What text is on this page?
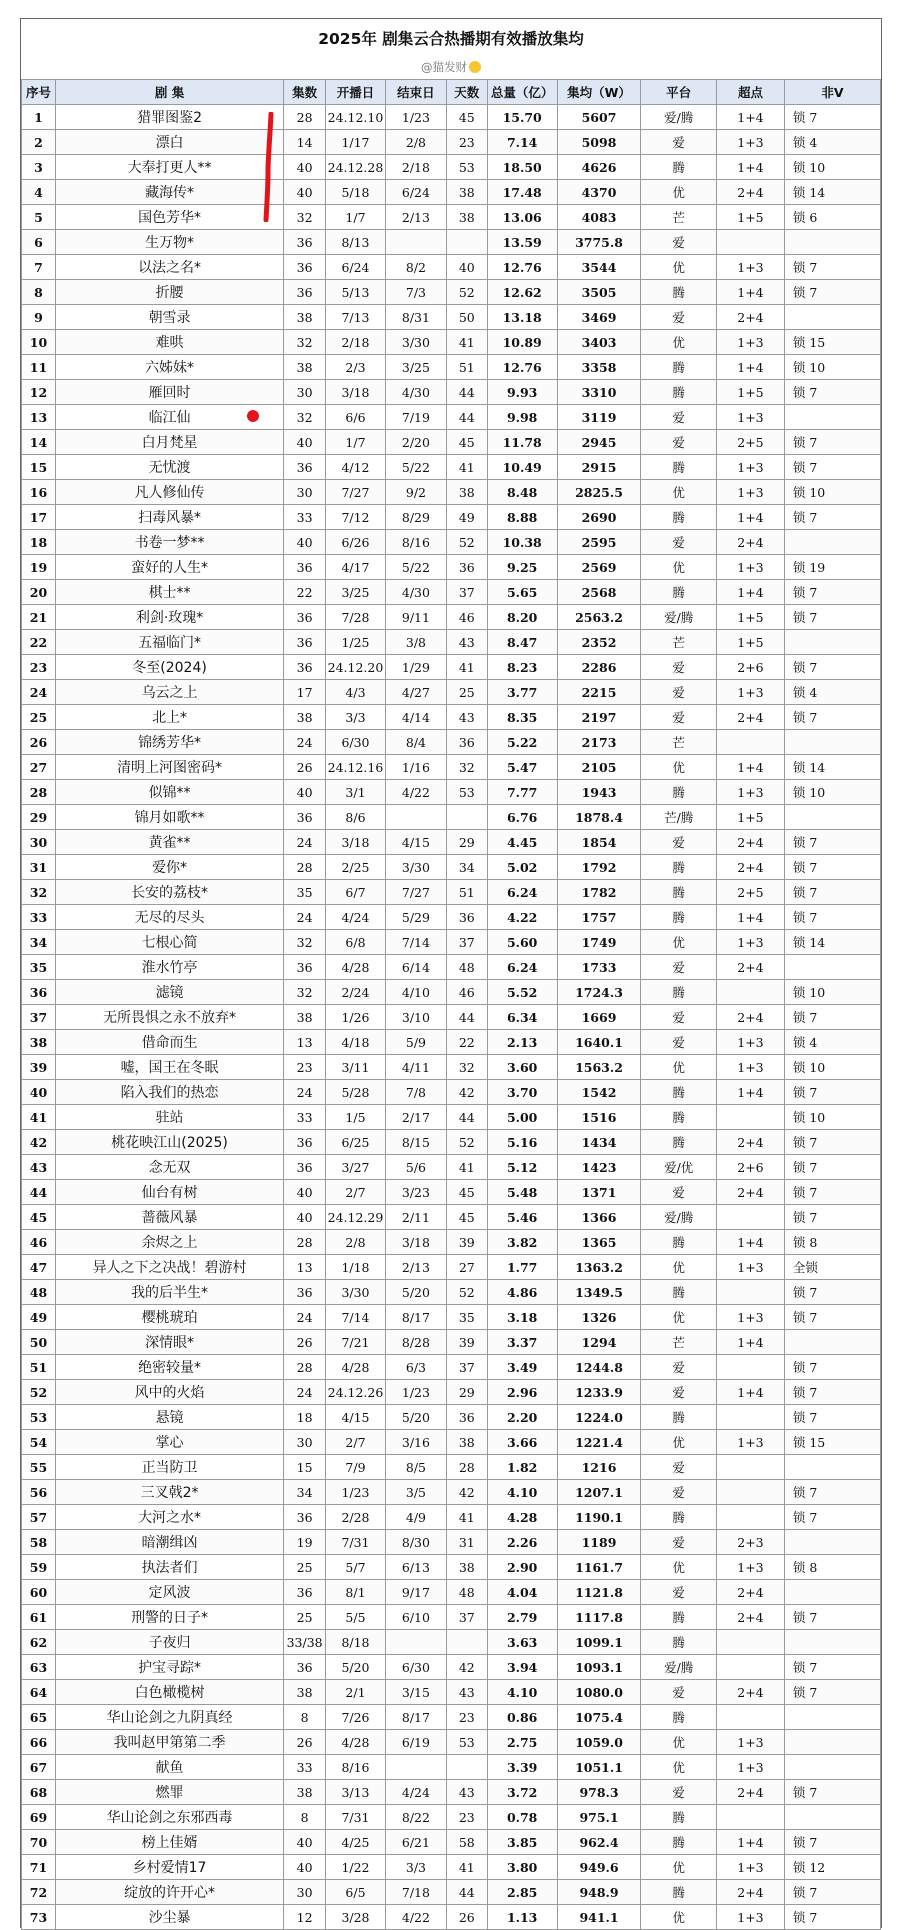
2025年 剧集云合热播期有效播放集均
@猫发财
序号	剧 集	集数	开播日	结束日	天数	总量（亿）	集均（W）	平台	超点	非V
1	猎罪图鉴2	28	24.12.10	1/23	45	15.70	5607	爱/腾	1+4	锁 7
2	漂白	14	1/17	2/8	23	7.14	5098	爱	1+3	锁 4
3	大奉打更人**	40	24.12.28	2/18	53	18.50	4626	腾	1+4	锁 10
4	藏海传*	40	5/18	6/24	38	17.48	4370	优	2+4	锁 14
5	国色芳华*	32	1/7	2/13	38	13.06	4083	芒	1+5	锁 6
6	生万物*	36	8/13			13.59	3775.8	爱		
7	以法之名*	36	6/24	8/2	40	12.76	3544	优	1+3	锁 7
8	折腰	36	5/13	7/3	52	12.62	3505	腾	1+4	锁 7
9	朝雪录	38	7/13	8/31	50	13.18	3469	爱	2+4	
10	难哄	32	2/18	3/30	41	10.89	3403	优	1+3	锁 15
11	六姊妹*	38	2/3	3/25	51	12.76	3358	腾	1+4	锁 10
12	雁回时	30	3/18	4/30	44	9.93	3310	腾	1+5	锁 7
13	临江仙	32	6/6	7/19	44	9.98	3119	爱	1+3	
14	白月梵星	40	1/7	2/20	45	11.78	2945	爱	2+5	锁 7
15	无忧渡	36	4/12	5/22	41	10.49	2915	腾	1+3	锁 7
16	凡人修仙传	30	7/27	9/2	38	8.48	2825.5	优	1+3	锁 10
17	扫毒风暴*	33	7/12	8/29	49	8.88	2690	腾	1+4	锁 7
18	书卷一梦**	40	6/26	8/16	52	10.38	2595	爱	2+4	
19	蛮好的人生*	36	4/17	5/22	36	9.25	2569	优	1+3	锁 19
20	棋士**	22	3/25	4/30	37	5.65	2568	腾	1+4	锁 7
21	利剑·玫瑰*	36	7/28	9/11	46	8.20	2563.2	爱/腾	1+5	锁 7
22	五福临门*	36	1/25	3/8	43	8.47	2352	芒	1+5	
23	冬至(2024)	36	24.12.20	1/29	41	8.23	2286	爱	2+6	锁 7
24	乌云之上	17	4/3	4/27	25	3.77	2215	爱	1+3	锁 4
25	北上*	38	3/3	4/14	43	8.35	2197	爱	2+4	锁 7
26	锦绣芳华*	24	6/30	8/4	36	5.22	2173	芒		
27	清明上河图密码*	26	24.12.16	1/16	32	5.47	2105	优	1+4	锁 14
28	似锦**	40	3/1	4/22	53	7.77	1943	腾	1+3	锁 10
29	锦月如歌**	36	8/6			6.76	1878.4	芒/腾	1+5	
30	黄雀**	24	3/18	4/15	29	4.45	1854	爱	2+4	锁 7
31	爱你*	28	2/25	3/30	34	5.02	1792	腾	2+4	锁 7
32	长安的荔枝*	35	6/7	7/27	51	6.24	1782	腾	2+5	锁 7
33	无尽的尽头	24	4/24	5/29	36	4.22	1757	腾	1+4	锁 7
34	七根心简	32	6/8	7/14	37	5.60	1749	优	1+3	锁 14
35	淮水竹亭	36	4/28	6/14	48	6.24	1733	爱	2+4	
36	滤镜	32	2/24	4/10	46	5.52	1724.3	腾		锁 10
37	无所畏惧之永不放弃*	38	1/26	3/10	44	6.34	1669	爱	2+4	锁 7
38	借命而生	13	4/18	5/9	22	2.13	1640.1	爱	1+3	锁 4
39	嘘，国王在冬眠	23	3/11	4/11	32	3.60	1563.2	优	1+3	锁 10
40	陷入我们的热恋	24	5/28	7/8	42	3.70	1542	腾	1+4	锁 7
41	驻站	33	1/5	2/17	44	5.00	1516	腾		锁 10
42	桃花映江山(2025)	36	6/25	8/15	52	5.16	1434	腾	2+4	锁 7
43	念无双	36	3/27	5/6	41	5.12	1423	爱/优	2+6	锁 7
44	仙台有树	40	2/7	3/23	45	5.48	1371	爱	2+4	锁 7
45	蔷薇风暴	40	24.12.29	2/11	45	5.46	1366	爱/腾		锁 7
46	余烬之上	28	2/8	3/18	39	3.82	1365	腾	1+4	锁 8
47	异人之下之决战！碧游村	13	1/18	2/13	27	1.77	1363.2	优	1+3	全锁
48	我的后半生*	36	3/30	5/20	52	4.86	1349.5	腾		锁 7
49	樱桃琥珀	24	7/14	8/17	35	3.18	1326	优	1+3	锁 7
50	深情眼*	26	7/21	8/28	39	3.37	1294	芒	1+4	
51	绝密较量*	28	4/28	6/3	37	3.49	1244.8	爱		锁 7
52	风中的火焰	24	24.12.26	1/23	29	2.96	1233.9	爱	1+4	锁 7
53	悬镜	18	4/15	5/20	36	2.20	1224.0	腾		锁 7
54	掌心	30	2/7	3/16	38	3.66	1221.4	优	1+3	锁 15
55	正当防卫	15	7/9	8/5	28	1.82	1216	爱		
56	三叉戟2*	34	1/23	3/5	42	4.10	1207.1	爱		锁 7
57	大河之水*	36	2/28	4/9	41	4.28	1190.1	腾		锁 7
58	暗潮缉凶	19	7/31	8/30	31	2.26	1189	爱	2+3	
59	执法者们	25	5/7	6/13	38	2.90	1161.7	优	1+3	锁 8
60	定风波	36	8/1	9/17	48	4.04	1121.8	爱	2+4	
61	刑警的日子*	25	5/5	6/10	37	2.79	1117.8	腾	2+4	锁 7
62	子夜归	33/38	8/18			3.63	1099.1	腾		
63	护宝寻踪*	36	5/20	6/30	42	3.94	1093.1	爱/腾		锁 7
64	白色橄榄树	38	2/1	3/15	43	4.10	1080.0	爱	2+4	锁 7
65	华山论剑之九阴真经	8	7/26	8/17	23	0.86	1075.4	腾		
66	我叫赵甲第第二季	26	4/28	6/19	53	2.75	1059.0	优	1+3	
67	献鱼	33	8/16			3.39	1051.1	优	1+3	
68	燃罪	38	3/13	4/24	43	3.72	978.3	爱	2+4	锁 7
69	华山论剑之东邪西毒	8	7/31	8/22	23	0.78	975.1	腾		
70	榜上佳婿	40	4/25	6/21	58	3.85	962.4	腾	1+4	锁 7
71	乡村爱情17	40	1/22	3/3	41	3.80	949.6	优	1+3	锁 12
72	绽放的许开心*	30	6/5	7/18	44	2.85	948.9	腾	2+4	锁 7
73	沙尘暴	12	3/28	4/22	26	1.13	941.1	优	1+3	锁 7
